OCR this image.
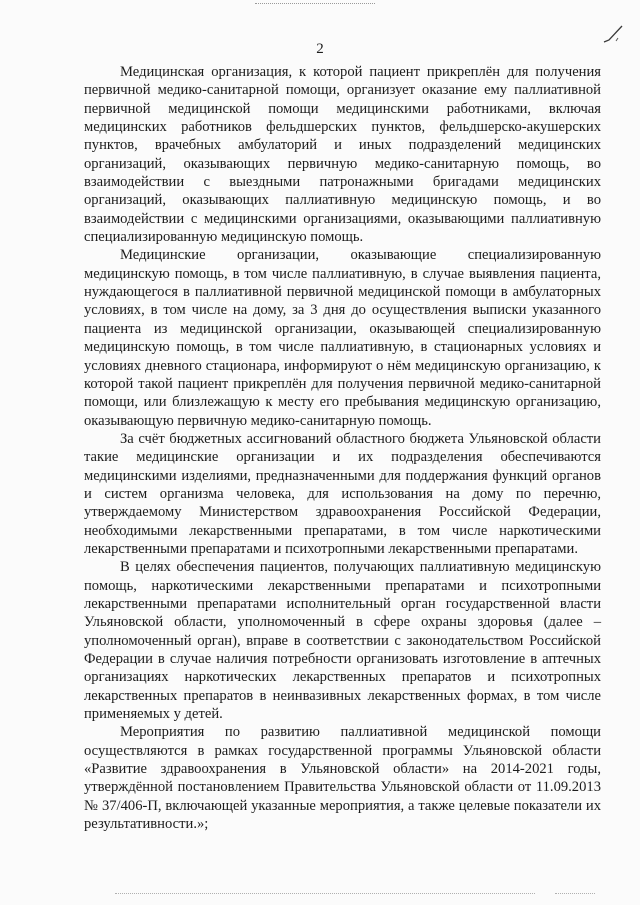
2

Медицинская организация, к которой пациент прикреплён для получения первичной медико-санитарной помощи, организует оказание ему паллиативной первичной медицинской помощи медицинскими работниками, включая медицинских работников фельдшерских пунктов, фельдшерско-акушерских пунктов, врачебных амбулаторий и иных подразделений медицинских организаций, оказывающих первичную медико-санитарную помощь, во взаимодействии с выездными патронажными бригадами медицинских организаций, оказывающих паллиативную медицинскую помощь, и во взаимодействии с медицинскими организациями, оказывающими паллиативную специализированную медицинскую помощь.

Медицинские организации, оказывающие специализированную медицинскую помощь, в том числе паллиативную, в случае выявления пациента, нуждающегося в паллиативной первичной медицинской помощи в амбулаторных условиях, в том числе на дому, за 3 дня до осуществления выписки указанного пациента из медицинской организации, оказывающей специализированную медицинскую помощь, в том числе паллиативную, в стационарных условиях и условиях дневного стационара, информируют о нём медицинскую организацию, к которой такой пациент прикреплён для получения первичной медико-санитарной помощи, или близлежащую к месту его пребывания медицинскую организацию, оказывающую первичную медико-санитарную помощь.

За счёт бюджетных ассигнований областного бюджета Ульяновской области такие медицинские организации и их подразделения обеспечиваются медицинскими изделиями, предназначенными для поддержания функций органов и систем организма человека, для использования на дому по перечню, утверждаемому Министерством здравоохранения Российской Федерации, необходимыми лекарственными препаратами, в том числе наркотическими лекарственными препаратами и психотропными лекарственными препаратами.

В целях обеспечения пациентов, получающих паллиативную медицинскую помощь, наркотическими лекарственными препаратами и психотропными лекарственными препаратами исполнительный орган государственной власти Ульяновской области, уполномоченный в сфере охраны здоровья (далее – уполномоченный орган), вправе в соответствии с законодательством Российской Федерации в случае наличия потребности организовать изготовление в аптечных организациях наркотических лекарственных препаратов и психотропных лекарственных препаратов в неинвазивных лекарственных формах, в том числе применяемых у детей.

Мероприятия по развитию паллиативной медицинской помощи осуществляются в рамках государственной программы Ульяновской области «Развитие здравоохранения в Ульяновской области» на 2014-2021 годы, утверждённой постановлением Правительства Ульяновской области от 11.09.2013 № 37/406-П, включающей указанные мероприятия, а также целевые показатели их результативности.»;
